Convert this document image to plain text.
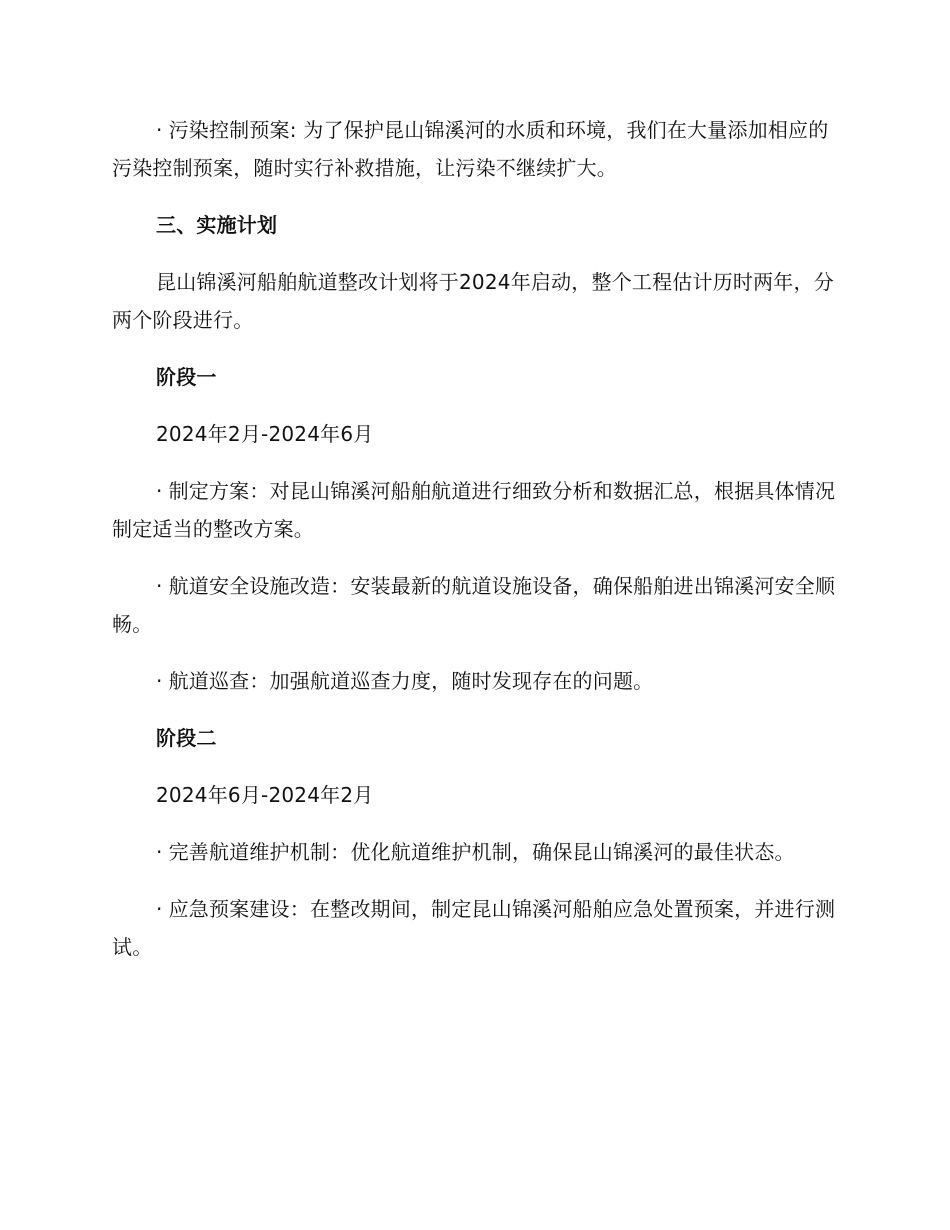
· 污染控制预案: 为了保护昆山锦溪河的水质和环境，我们在大量添加相应的污染控制预案，随时实行补救措施，让污染不继续扩大。

三、实施计划

昆山锦溪河船舶航道整改计划将于2024年启动，整个工程估计历时两年，分两个阶段进行。

阶段一

2024年2月-2024年6月

· 制定方案：对昆山锦溪河船舶航道进行细致分析和数据汇总，根据具体情况制定适当的整改方案。

· 航道安全设施改造：安装最新的航道设施设备，确保船舶进出锦溪河安全顺畅。

· 航道巡查：加强航道巡查力度，随时发现存在的问题。

阶段二

2024年6月-2024年2月

· 完善航道维护机制：优化航道维护机制，确保昆山锦溪河的最佳状态。

· 应急预案建设：在整改期间，制定昆山锦溪河船舶应急处置预案，并进行测试。
